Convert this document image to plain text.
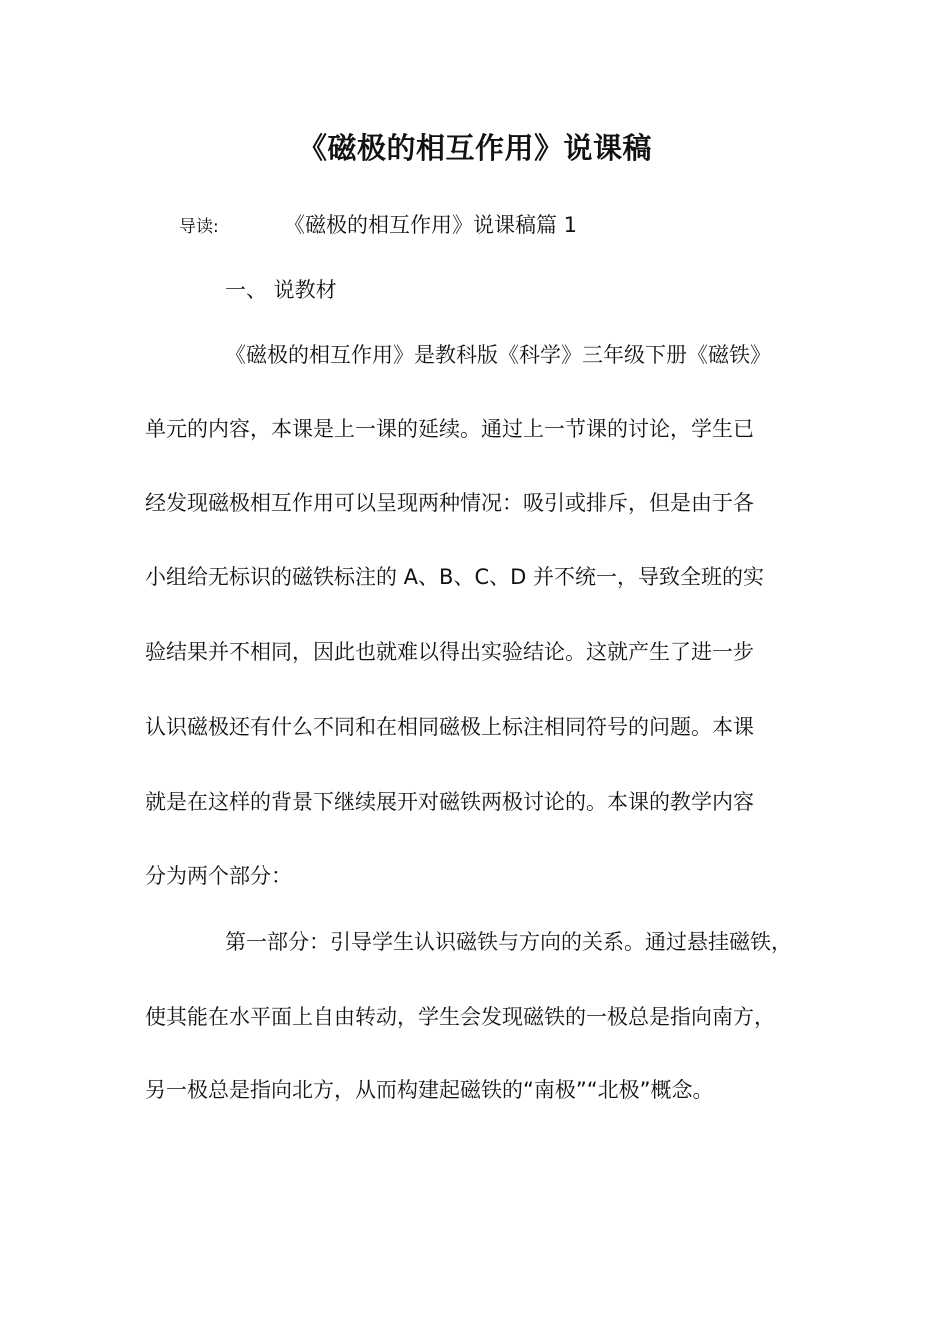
《磁极的相互作用》说课稿
导读:	《磁极的相互作用》说课稿篇 1
一、 说教材
《磁极的相互作用》是教科版《科学》三年级下册《磁铁》
单元的内容，本课是上一课的延续。通过上一节课的讨论，学生已
经发现磁极相互作用可以呈现两种情况：吸引或排斥，但是由于各
小组给无标识的磁铁标注的 A、B、C、D 并不统一，导致全班的实
验结果并不相同，因此也就难以得出实验结论。这就产生了进一步
认识磁极还有什么不同和在相同磁极上标注相同符号的问题。本课
就是在这样的背景下继续展开对磁铁两极讨论的。本课的教学内容
分为两个部分：
第一部分：引导学生认识磁铁与方向的关系。通过悬挂磁铁，
使其能在水平面上自由转动，学生会发现磁铁的一极总是指向南方，
另一极总是指向北方，从而构建起磁铁的“南极”“北极”概念。
